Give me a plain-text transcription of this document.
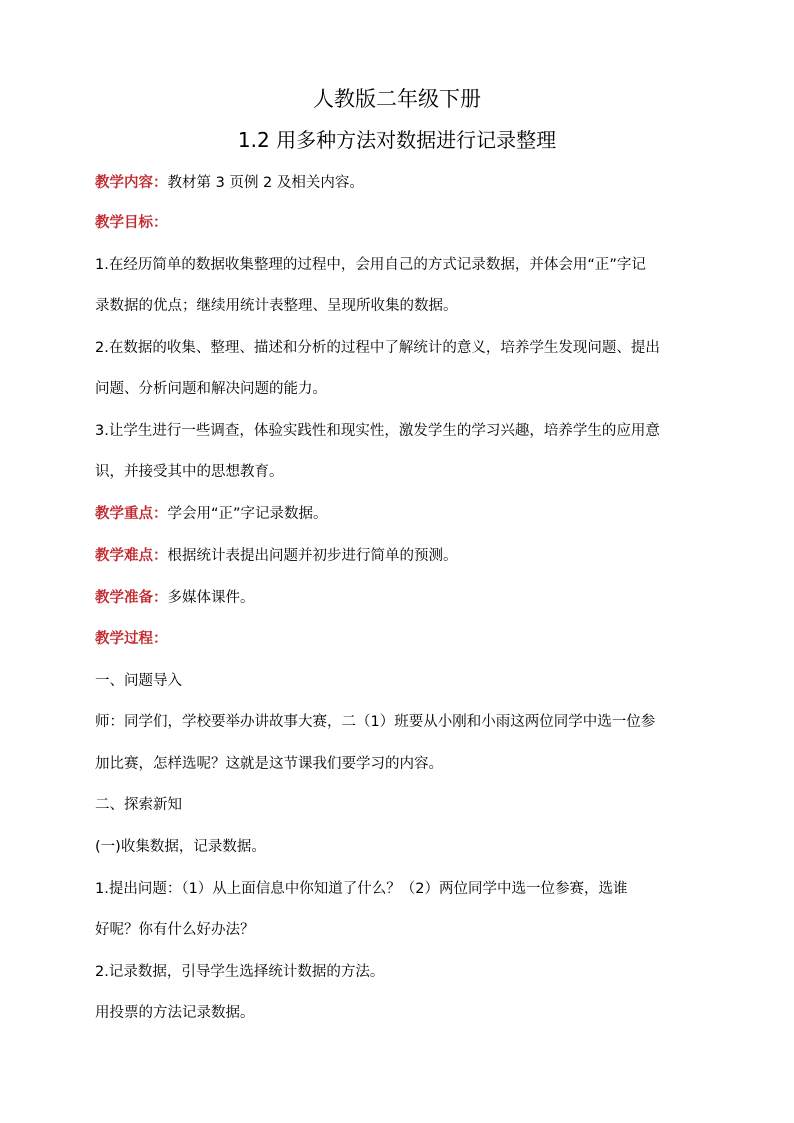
人教版二年级下册
1.2 用多种方法对数据进行记录整理
教学内容：教材第 3 页例 2 及相关内容。
教学目标：
1.在经历简单的数据收集整理的过程中，会用自己的方式记录数据，并体会用“正”字记
录数据的优点；继续用统计表整理、呈现所收集的数据。
2.在数据的收集、整理、描述和分析的过程中了解统计的意义，培养学生发现问题、提出
问题、分析问题和解决问题的能力。
3.让学生进行一些调查，体验实践性和现实性，激发学生的学习兴趣，培养学生的应用意
识，并接受其中的思想教育。
教学重点：学会用“正”字记录数据。
教学难点：根据统计表提出问题并初步进行简单的预测。
教学准备：多媒体课件。
教学过程：
一、问题导入
师：同学们，学校要举办讲故事大赛，二（1）班要从小刚和小雨这两位同学中选一位参
加比赛，怎样选呢？这就是这节课我们要学习的内容。
二、探索新知
(一)收集数据，记录数据。
1.提出问题：（1）从上面信息中你知道了什么？（2）两位同学中选一位参赛，选谁
好呢？你有什么好办法？
2.记录数据，引导学生选择统计数据的方法。
用投票的方法记录数据。
